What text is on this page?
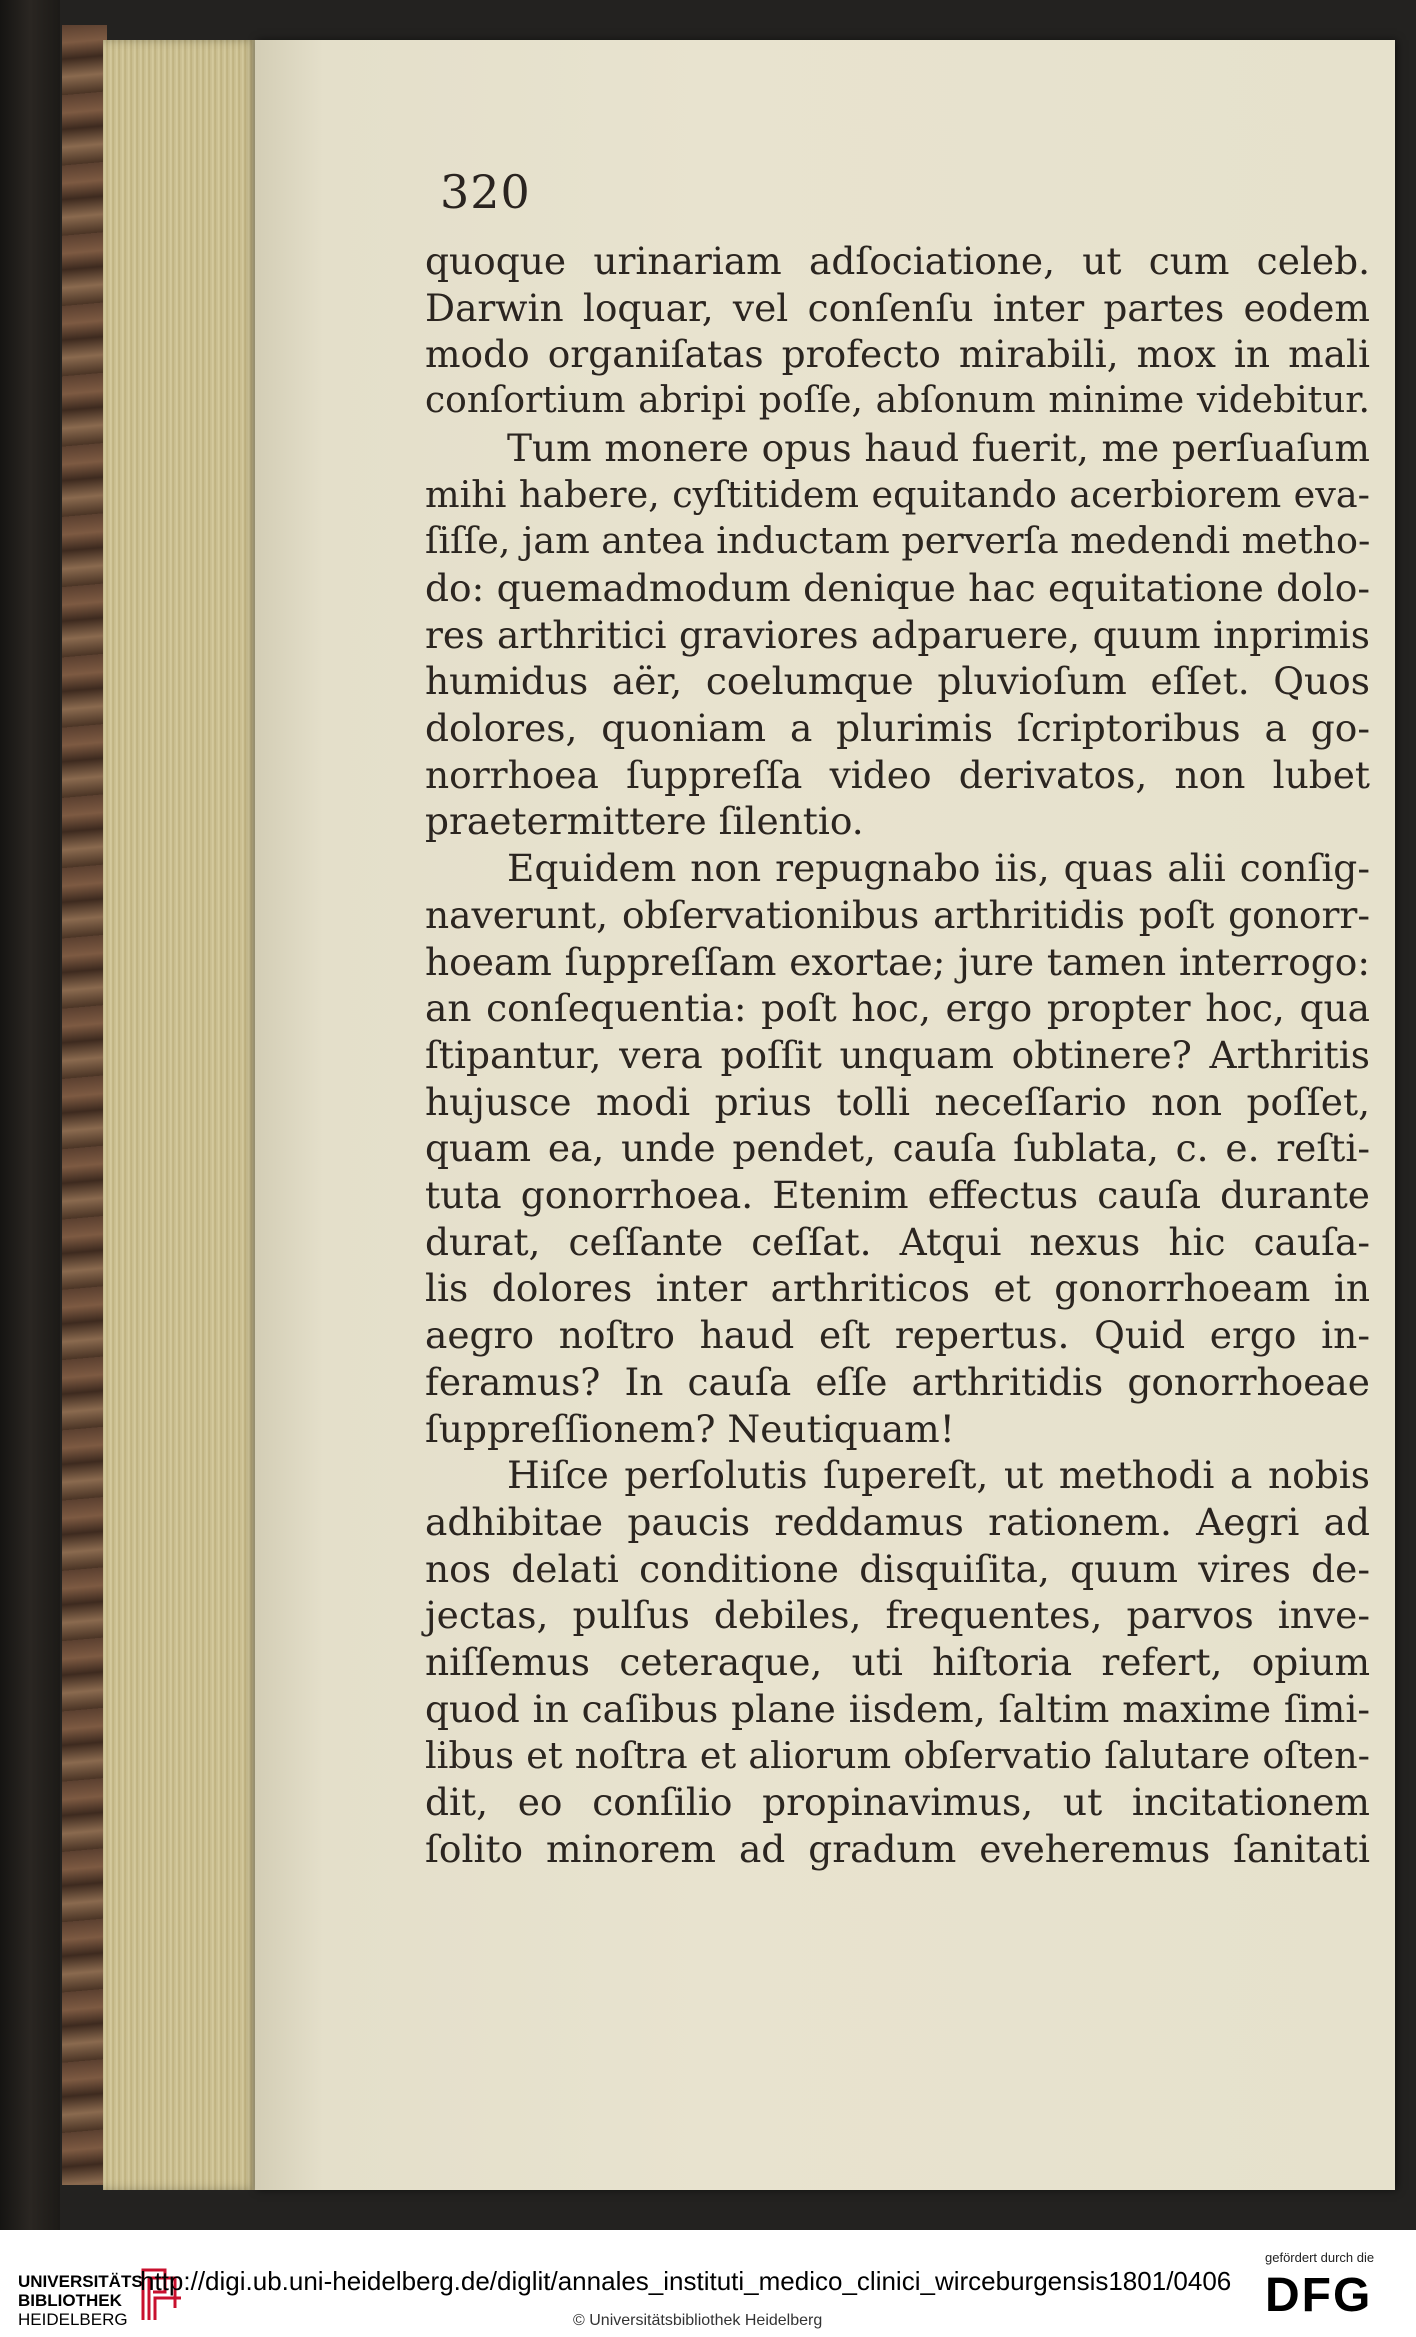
320
quoque urinariam adſociatione, ut cum celeb.
Darwin loquar, vel conſenſu inter partes eodem
modo organiſatas profecto mirabili, mox in mali
conſortium abripi poſſe, abſonum minime videbitur.
Tum monere opus haud fuerit, me perſuaſum
mihi habere, cyſtitidem equitando acerbiorem eva-
ſiſſe, jam antea inductam perverſa medendi metho-
do: quemadmodum denique hac equitatione dolo-
res arthritici graviores adparuere, quum inprimis
humidus aër, coelumque pluvioſum eſſet. Quos
dolores, quoniam a plurimis ſcriptoribus a go-
norrhoea ſuppreſſa video derivatos, non lubet
praetermittere ſilentio.
Equidem non repugnabo iis, quas alii conſig-
naverunt, obſervationibus arthritidis poſt gonorr-
hoeam ſuppreſſam exortae; jure tamen interrogo:
an conſequentia: poſt hoc, ergo propter hoc, qua
ſtipantur, vera poſſit unquam obtinere? Arthritis
hujusce modi prius tolli neceſſario non poſſet,
quam ea, unde pendet, cauſa ſublata, c. e. reſti-
tuta gonorrhoea. Etenim effectus cauſa durante
durat, ceſſante ceſſat. Atqui nexus hic cauſa-
lis dolores inter arthriticos et gonorrhoeam in
aegro noſtro haud eſt repertus. Quid ergo in-
feramus? In cauſa eſſe arthritidis gonorrhoeae
ſuppreſſionem? Neutiquam!
Hiſce perſolutis ſupereſt, ut methodi a nobis
adhibitae paucis reddamus rationem. Aegri ad
nos delati conditione disquiſita, quum vires de-
jectas, pulſus debiles, frequentes, parvos inve-
niſſemus ceteraque, uti hiſtoria refert, opium
quod in caſibus plane iisdem, ſaltim maxime ſimi-
libus et noſtra et aliorum obſervatio ſalutare oſten-
dit, eo conſilio propinavimus, ut incitationem
ſolito minorem ad gradum eveheremus ſanitati
UNIVERSITÄTS
BIBLIOTHEK
HEIDELBERG
http://digi.ub.uni-heidelberg.de/diglit/annales_instituti_medico_clinici_wirceburgensis1801/0406
© Universitätsbibliothek Heidelberg
gefördert durch die
DFG
